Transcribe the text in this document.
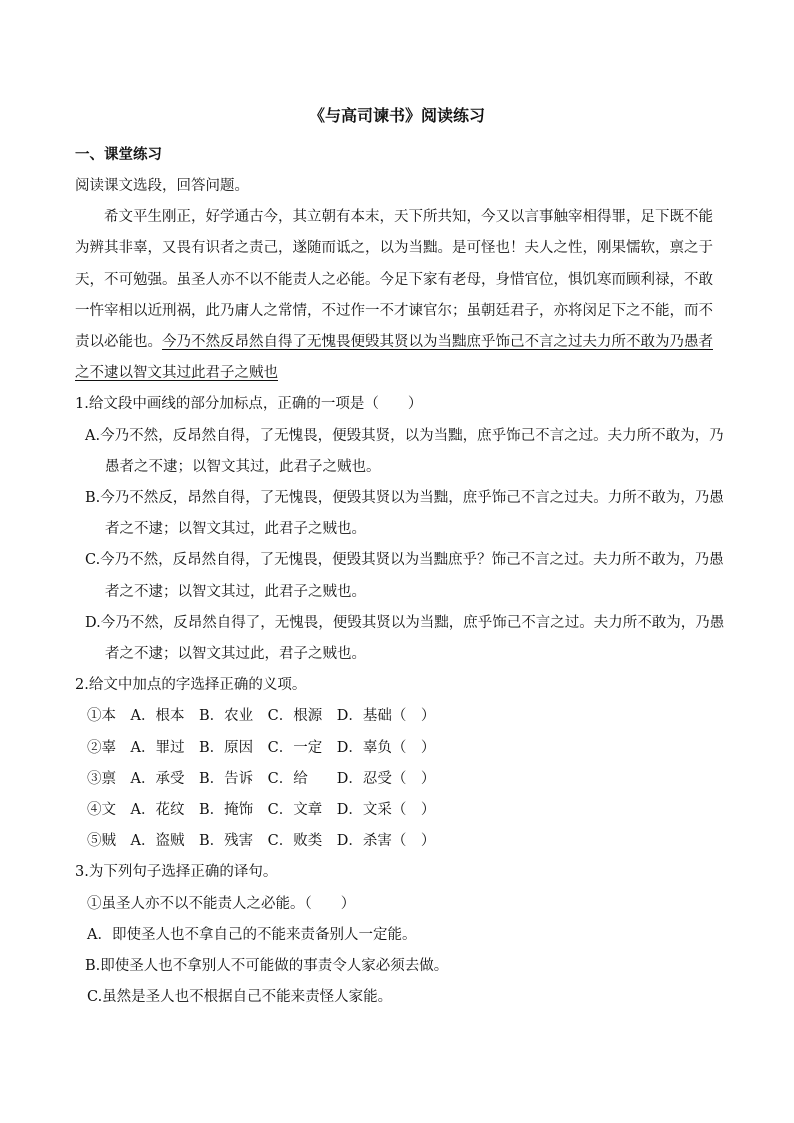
《与高司谏书》阅读练习
一、课堂练习

阅读课文选段，回答问题。

希文平生刚正，好学通古今，其立朝有本末，天下所共知，今又以言事触宰相得罪，足下既不能为辨其非辜，又畏有识者之责己，遂随而诋之，以为当黜。是可怪也！夫人之性，刚果懦软，禀之于天，不可勉强。虽圣人亦不以不能责人之必能。今足下家有老母，身惜官位，惧饥寒而顾利禄，不敢一忤宰相以近刑祸，此乃庸人之常情，不过作一不才谏官尔；虽朝廷君子，亦将闵足下之不能，而不责以必能也。今乃不然反昂然自得了无愧畏便毁其贤以为当黜庶乎饰己不言之过夫力所不敢为乃愚者之不逮以智文其过此君子之贼也

1.给文段中画线的部分加标点，正确的一项是（　　）

A.今乃不然，反昂然自得，了无愧畏，便毁其贤，以为当黜，庶乎饰己不言之过。夫力所不敢为，乃愚者之不逮；以智文其过，此君子之贼也。

B.今乃不然反，昂然自得，了无愧畏，便毁其贤以为当黜，庶乎饰己不言之过夫。力所不敢为，乃愚者之不逮；以智文其过，此君子之贼也。

C.今乃不然，反昂然自得，了无愧畏，便毁其贤以为当黜庶乎？饰己不言之过。夫力所不敢为，乃愚者之不逮；以智文其过，此君子之贼也。

D.今乃不然，反昂然自得了，无愧畏，便毁其贤以为当黜，庶乎饰己不言之过。夫力所不敢为，乃愚者之不逮；以智文其过此，君子之贼也。

2.给文中加点的字选择正确的义项。

①本　A．根本　B．农业　C．根源　D．基础（　）

②辜　A．罪过　B．原因　C．一定　D．辜负（　）

③禀　A．承受　B．告诉　C．给　　D．忍受（　）

④文　A．花纹　B．掩饰　C．文章　D．文采（　）

⑤贼　A．盗贼　B．残害　C．败类　D．杀害（　）

3.为下列句子选择正确的译句。

①虽圣人亦不以不能责人之必能。（　　）

A．即使圣人也不拿自己的不能来责备别人一定能。

B.即使圣人也不拿别人不可能做的事责令人家必须去做。

C.虽然是圣人也不根据自己不能来责怪人家能。
